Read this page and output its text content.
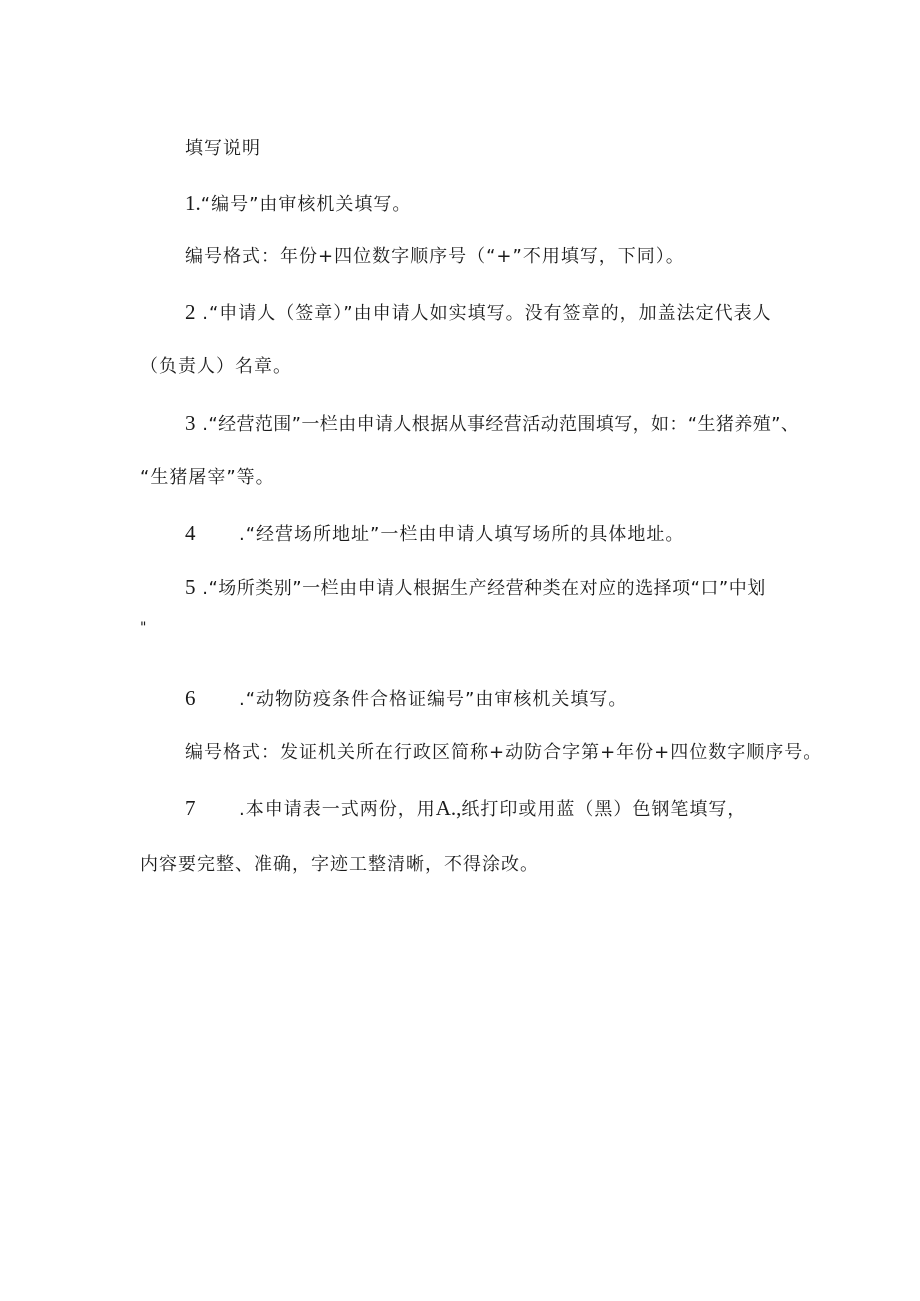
填写说明
1.“编号”由审核机关填写。
编号格式：年份+四位数字顺序号（“+”不用填写，下同）。
2 .“申请人（签章）”由申请人如实填写。没有签章的，加盖法定代表人
（负责人）名章。
3 .“经营范围”一栏由申请人根据从事经营活动范围填写，如：“生猪养殖”、
“生猪屠宰”等。
4 .“经营场所地址”一栏由申请人填写场所的具体地址。
5 .“场所类别”一栏由申请人根据生产经营种类在对应的选择项“口”中划
"
6 .“动物防疫条件合格证编号”由审核机关填写。
编号格式：发证机关所在行政区简称+动防合字第+年份+四位数字顺序号。
7 .本申请表一式两份，用A.,纸打印或用蓝（黑）色钢笔填写，
内容要完整、准确，字迹工整清晰，不得涂改。
